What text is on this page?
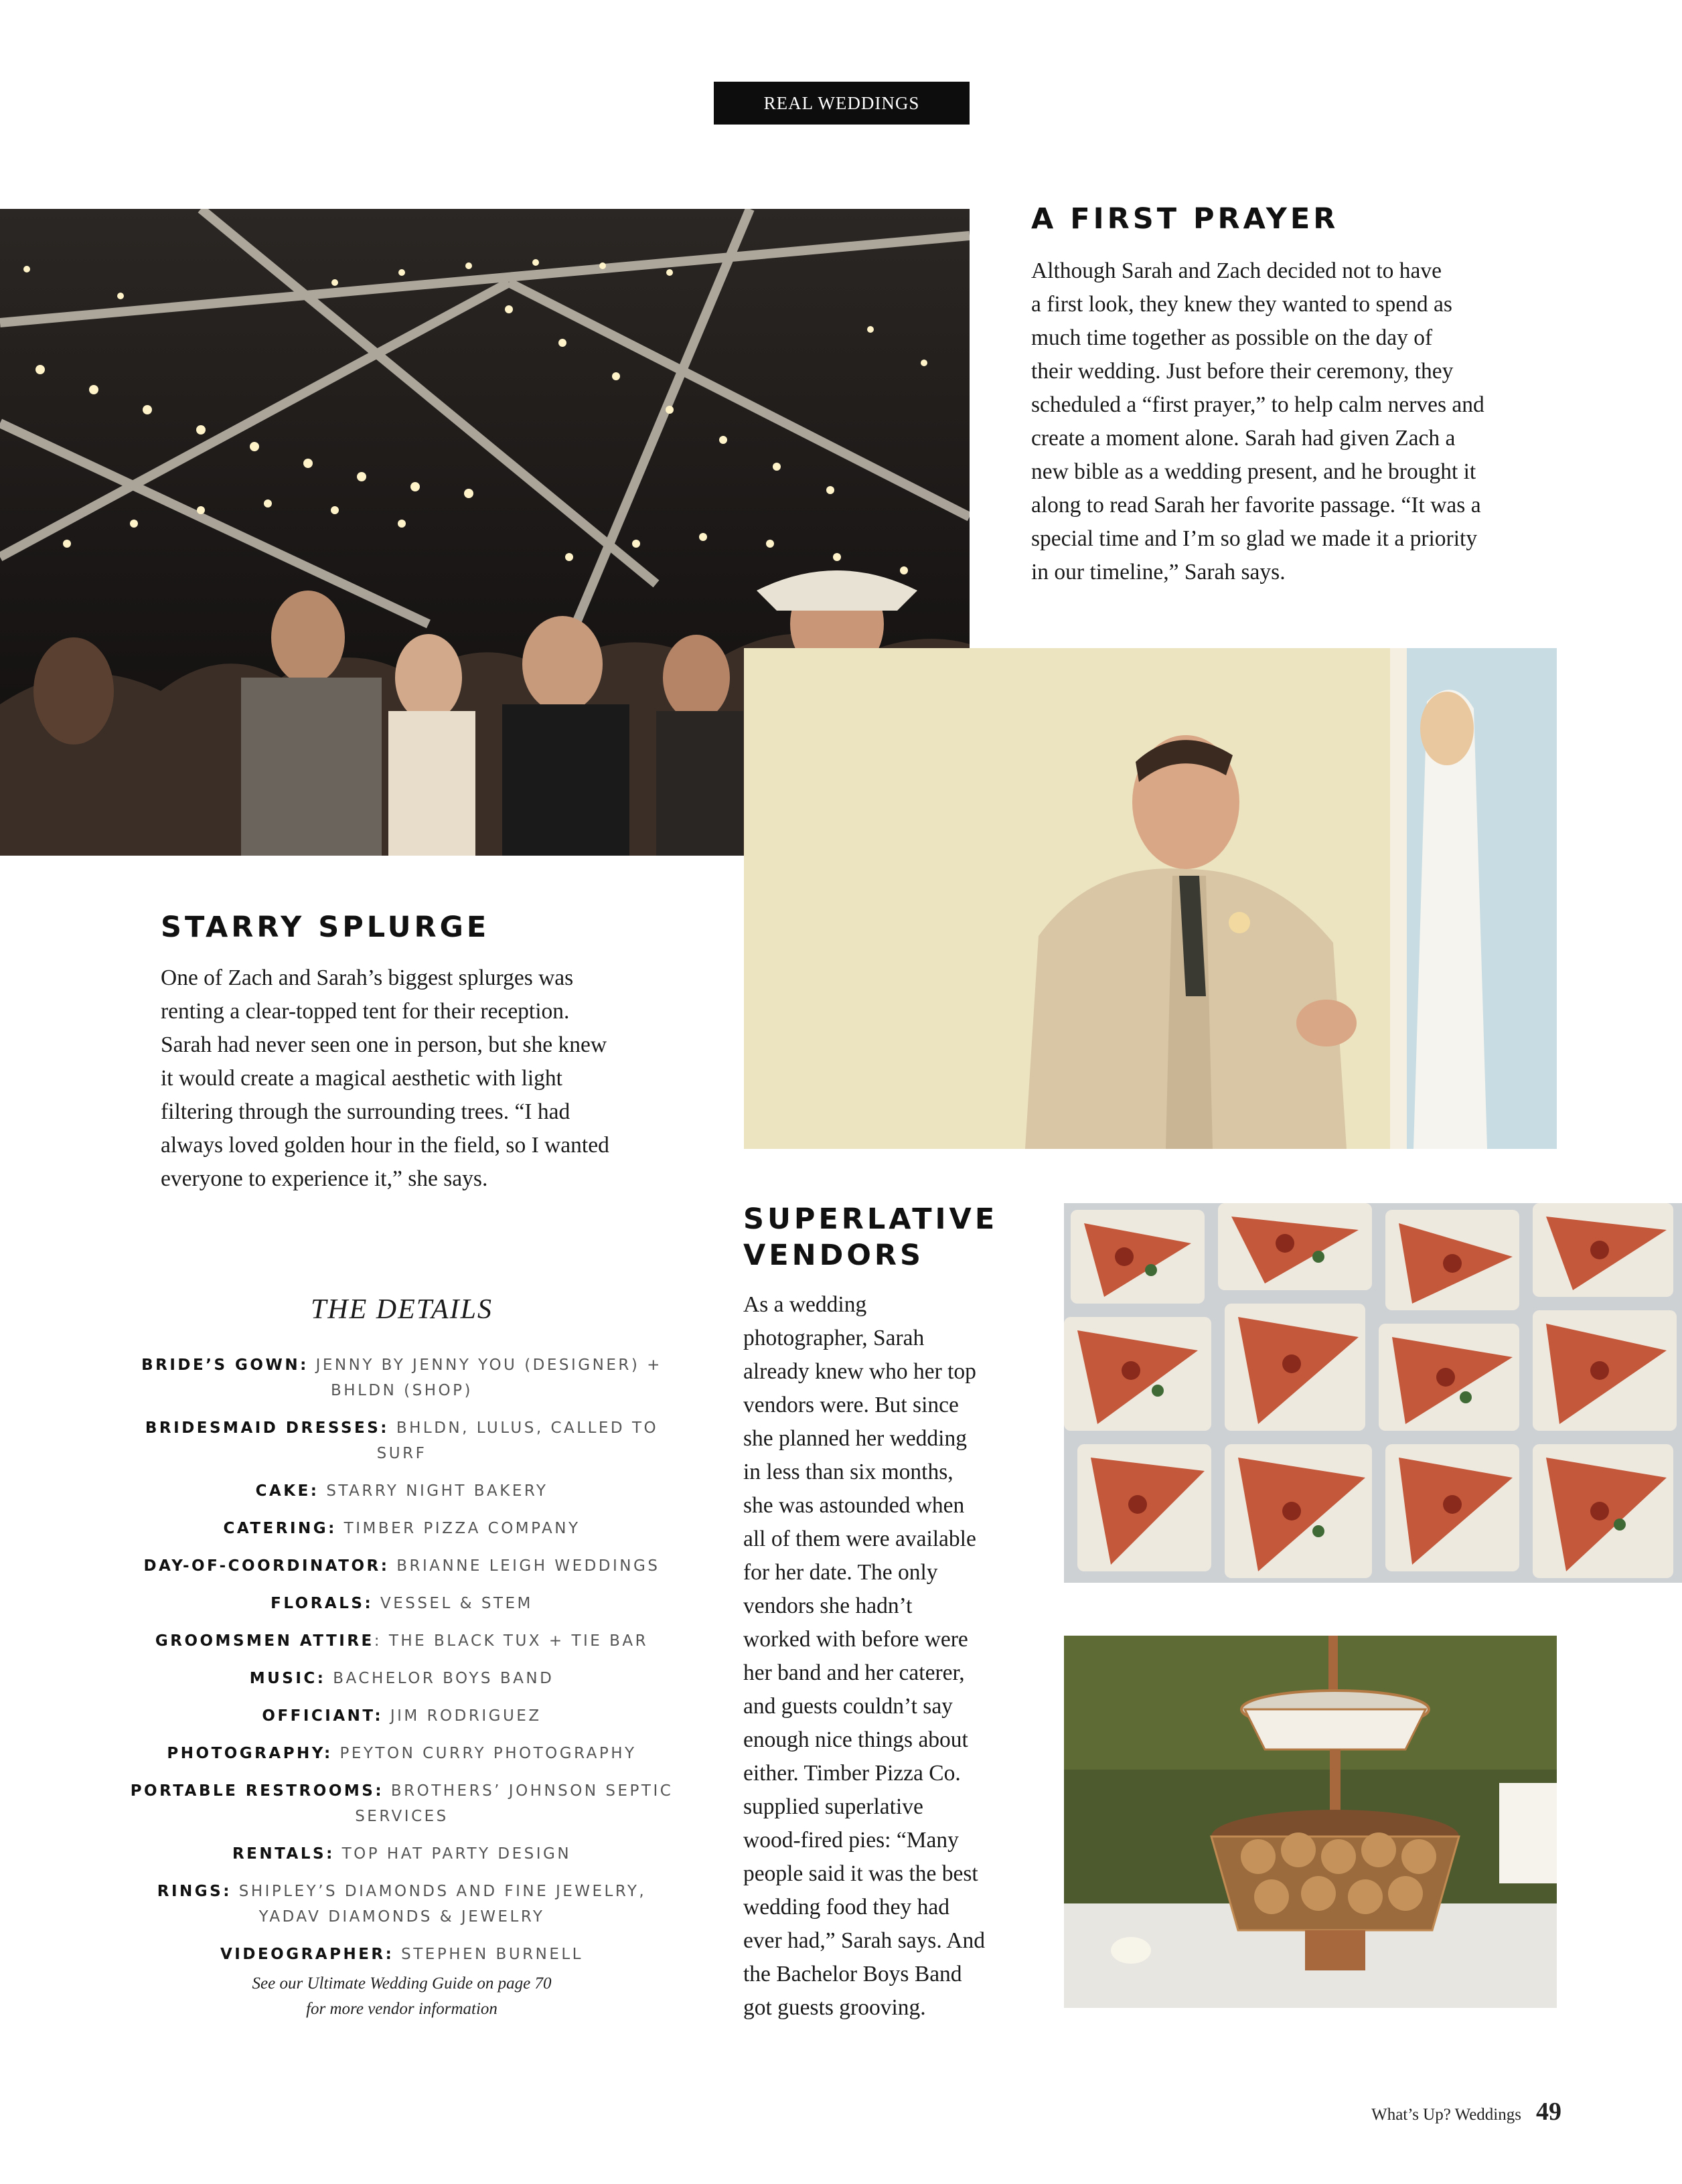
REAL WEDDINGS
A FIRST PRAYER

Although Sarah and Zach decided not to have
a first look, they knew they wanted to spend as
much time together as possible on the day of
their wedding. Just before their ceremony, they
scheduled a “first prayer,” to help calm nerves and
create a moment alone. Sarah had given Zach a
new bible as a wedding present, and he brought it
along to read Sarah her favorite passage. “It was a
special time and I’m so glad we made it a priority
in our timeline,” Sarah says.

STARRY SPLURGE

One of Zach and Sarah’s biggest splurges was
renting a clear-topped tent for their reception.
Sarah had never seen one in person, but she knew
it would create a magical aesthetic with light
filtering through the surrounding trees. “I had
always loved golden hour in the field, so I wanted
everyone to experience it,” she says.

SUPERLATIVE
VENDORS

As a wedding
photographer, Sarah
already knew who her top
vendors were. But since
she planned her wedding
in less than six months,
she was astounded when
all of them were available
for her date. The only
vendors she hadn’t
worked with before were
her band and her caterer,
and guests couldn’t say
enough nice things about
either. Timber Pizza Co.
supplied superlative
wood-fired pies: “Many
people said it was the best
wedding food they had
ever had,” Sarah says. And
the Bachelor Boys Band
got guests grooving.

THE DETAILS
BRIDE’S GOWN: JENNY BY JENNY YOU (DESIGNER) + BHLDN (SHOP)
BRIDESMAID DRESSES: BHLDN, LULUS, CALLED TO SURF
CAKE: STARRY NIGHT BAKERY
CATERING: TIMBER PIZZA COMPANY
DAY-OF-COORDINATOR: BRIANNE LEIGH WEDDINGS
FLORALS: VESSEL & STEM
GROOMSMEN ATTIRE: THE BLACK TUX + TIE BAR
MUSIC: BACHELOR BOYS BAND
OFFICIANT: JIM RODRIGUEZ
PHOTOGRAPHY: PEYTON CURRY PHOTOGRAPHY
PORTABLE RESTROOMS: BROTHERS’ JOHNSON SEPTIC SERVICES
RENTALS: TOP HAT PARTY DESIGN
RINGS: SHIPLEY’S DIAMONDS AND FINE JEWELRY, YADAV DIAMONDS & JEWELRY
VIDEOGRAPHER: STEPHEN BURNELL
See our Ultimate Wedding Guide on page 70
for more vendor information
What’s Up? Weddings 49
